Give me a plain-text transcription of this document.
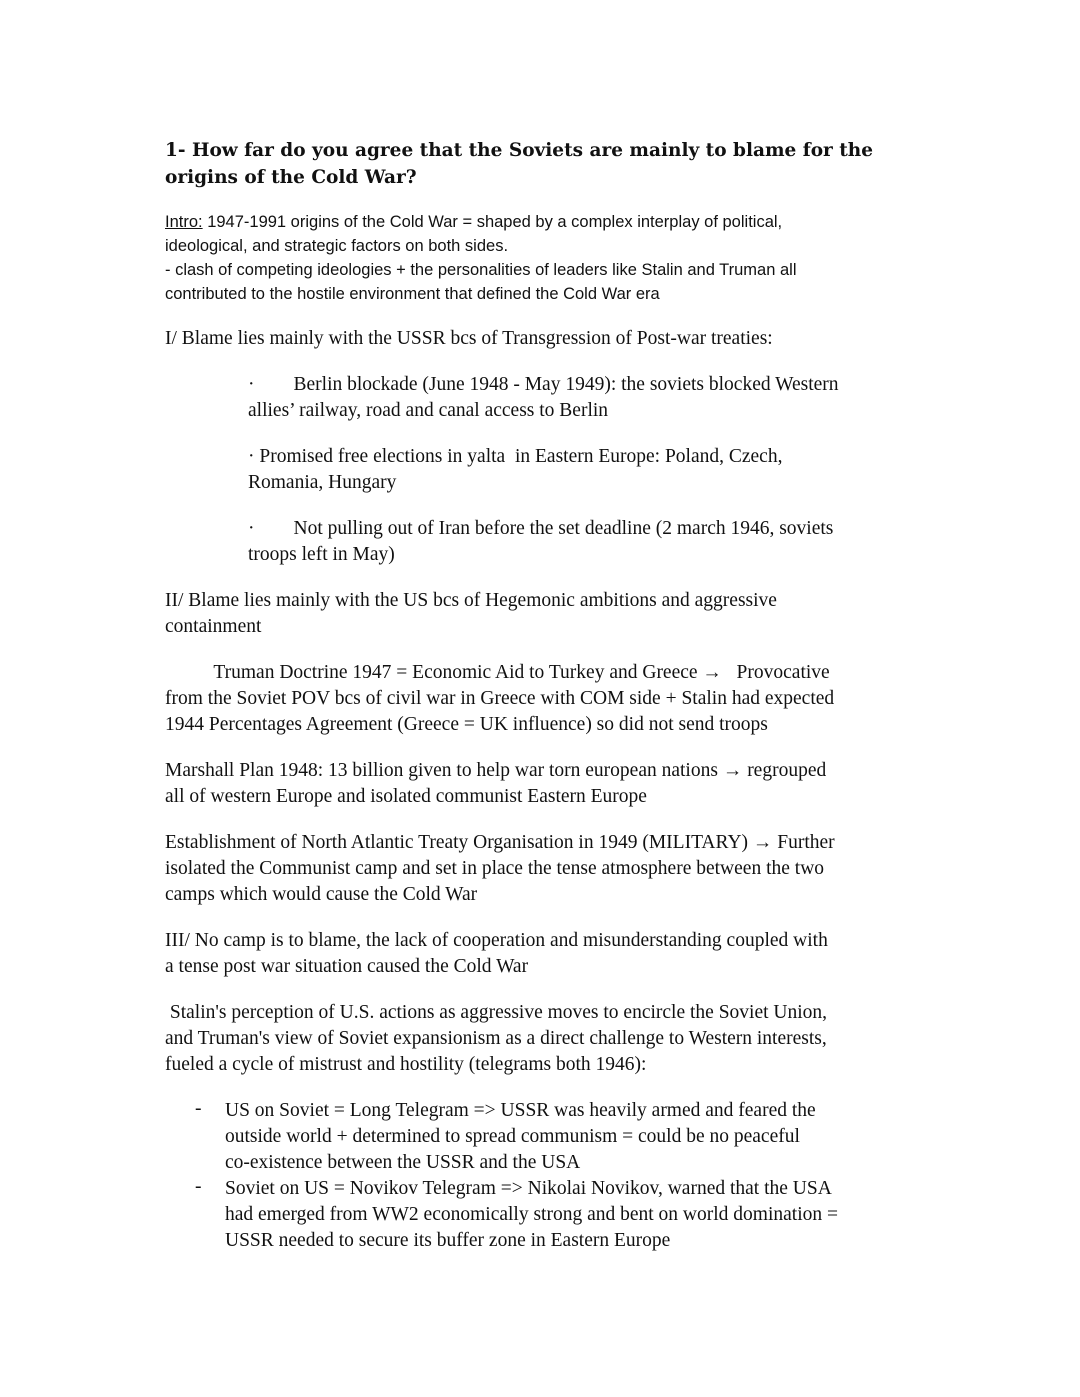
1- How far do you agree that the Soviets are mainly to blame for the
origins of the Cold War?
Intro: 1947-1991 origins of the Cold War = shaped by a complex interplay of political,
ideological, and strategic factors on both sides.
- clash of competing ideologies + the personalities of leaders like Stalin and Truman all
contributed to the hostile environment that defined the Cold War era
I/ Blame lies mainly with the USSR bcs of Transgression of Post-war treaties:
·        Berlin blockade (June 1948 - May 1949): the soviets blocked Western
allies’ railway, road and canal access to Berlin
· Promised free elections in yalta  in Eastern Europe: Poland, Czech,
Romania, Hungary
·        Not pulling out of Iran before the set deadline (2 march 1946, soviets
troops left in May)
II/ Blame lies mainly with the US bcs of Hegemonic ambitions and aggressive
containment
Truman Doctrine 1947 = Economic Aid to Turkey and Greece →   Provocative
from the Soviet POV bcs of civil war in Greece with COM side + Stalin had expected
1944 Percentages Agreement (Greece = UK influence) so did not send troops
Marshall Plan 1948: 13 billion given to help war torn european nations → regrouped
all of western Europe and isolated communist Eastern Europe
Establishment of North Atlantic Treaty Organisation in 1949 (MILITARY) → Further
isolated the Communist camp and set in place the tense atmosphere between the two
camps which would cause the Cold War
III/ No camp is to blame, the lack of cooperation and misunderstanding coupled with
a tense post war situation caused the Cold War
Stalin's perception of U.S. actions as aggressive moves to encircle the Soviet Union,
and Truman's view of Soviet expansionism as a direct challenge to Western interests,
fueled a cycle of mistrust and hostility (telegrams both 1946):
- US on Soviet = Long Telegram => USSR was heavily armed and feared the
outside world + determined to spread communism = could be no peaceful
co-existence between the USSR and the USA
- Soviet on US = Novikov Telegram => Nikolai Novikov, warned that the USA
had emerged from WW2 economically strong and bent on world domination =
USSR needed to secure its buffer zone in Eastern Europe
